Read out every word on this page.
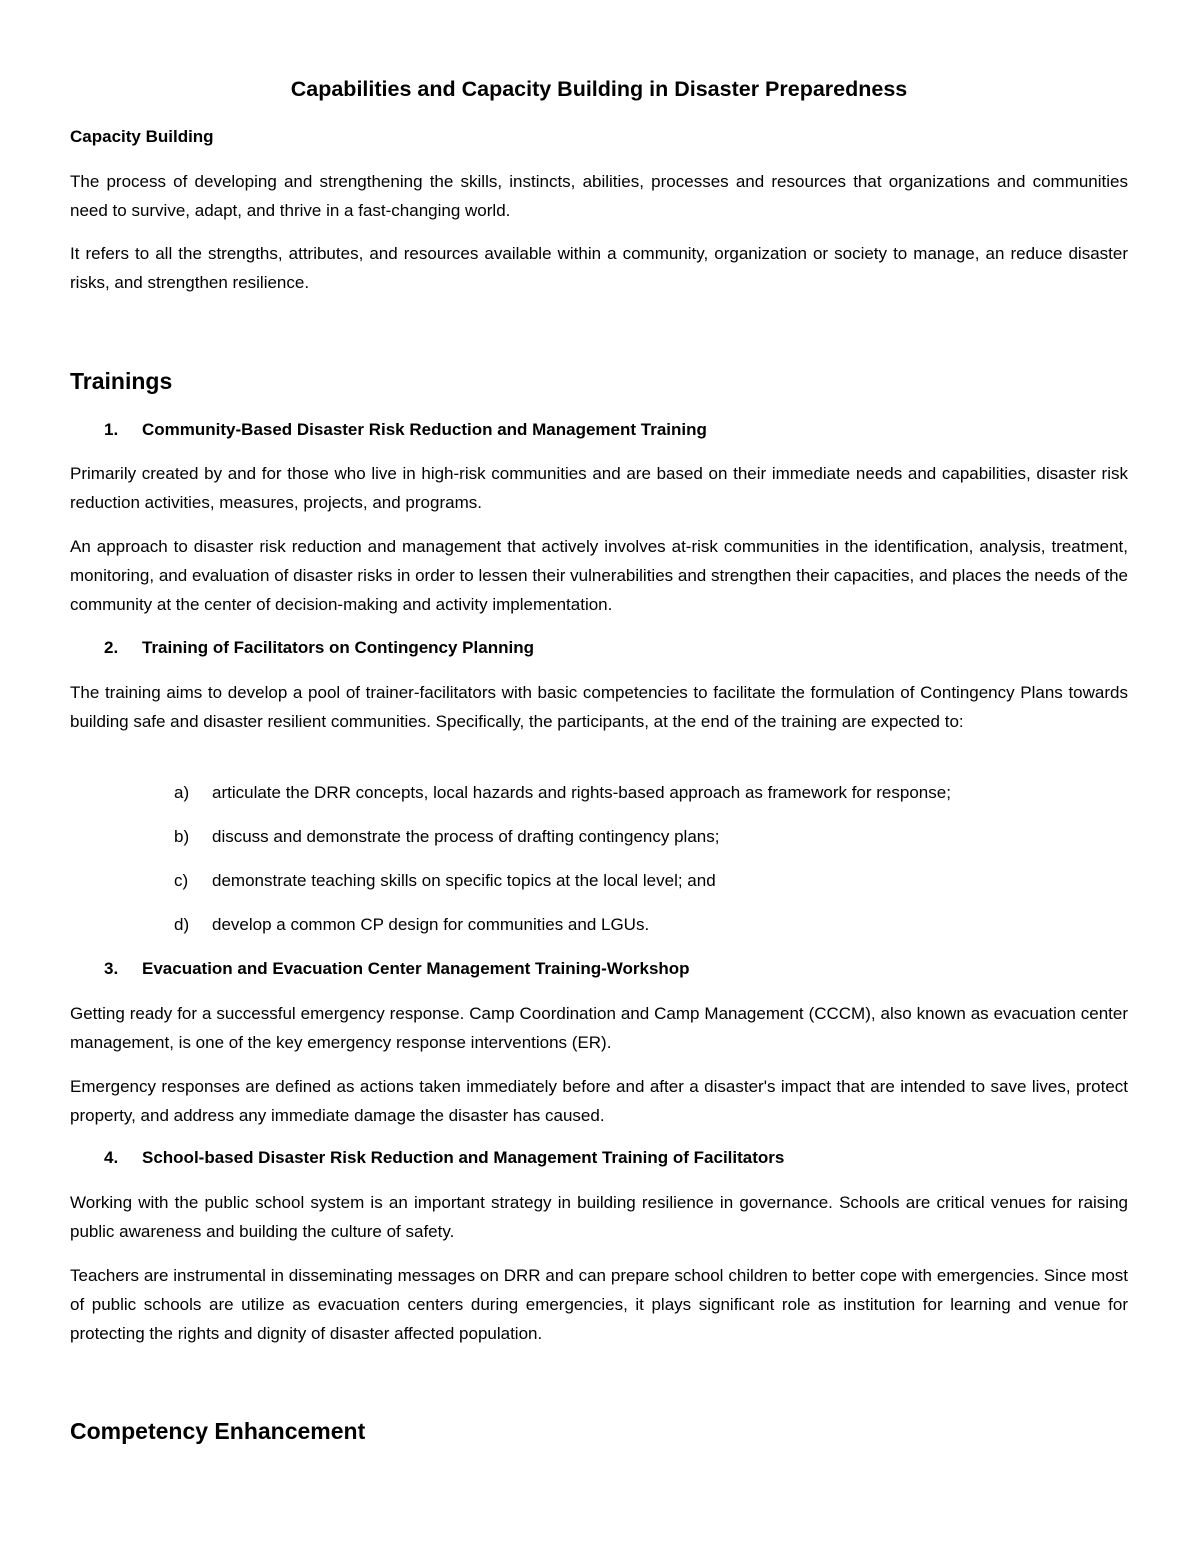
Capabilities and Capacity Building in Disaster Preparedness
Capacity Building
The process of developing and strengthening the skills, instincts, abilities, processes and resources that organizations and communities need to survive, adapt, and thrive in a fast-changing world.
It refers to all the strengths, attributes, and resources available within a community, organization or society to manage, an reduce disaster risks, and strengthen resilience.
Trainings
1. Community-Based Disaster Risk Reduction and Management Training
Primarily created by and for those who live in high-risk communities and are based on their immediate needs and capabilities, disaster risk reduction activities, measures, projects, and programs.
An approach to disaster risk reduction and management that actively involves at-risk communities in the identification, analysis, treatment, monitoring, and evaluation of disaster risks in order to lessen their vulnerabilities and strengthen their capacities, and places the needs of the community at the center of decision-making and activity implementation.
2. Training of Facilitators on Contingency Planning
The training aims to develop a pool of trainer-facilitators with basic competencies to facilitate the formulation of Contingency Plans towards building safe and disaster resilient communities. Specifically, the participants, at the end of the training are expected to:
a) articulate the DRR concepts, local hazards and rights-based approach as framework for response;
b) discuss and demonstrate the process of drafting contingency plans;
c) demonstrate teaching skills on specific topics at the local level; and
d) develop a common CP design for communities and LGUs.
3. Evacuation and Evacuation Center Management Training-Workshop
Getting ready for a successful emergency response. Camp Coordination and Camp Management (CCCM), also known as evacuation center management, is one of the key emergency response interventions (ER).
Emergency responses are defined as actions taken immediately before and after a disaster's impact that are intended to save lives, protect property, and address any immediate damage the disaster has caused.
4. School-based Disaster Risk Reduction and Management Training of Facilitators
Working with the public school system is an important strategy in building resilience in governance. Schools are critical venues for raising public awareness and building the culture of safety.
Teachers are instrumental in disseminating messages on DRR and can prepare school children to better cope with emergencies. Since most of public schools are utilize as evacuation centers during emergencies, it plays significant role as institution for learning and venue for protecting the rights and dignity of disaster affected population.
Competency Enhancement
